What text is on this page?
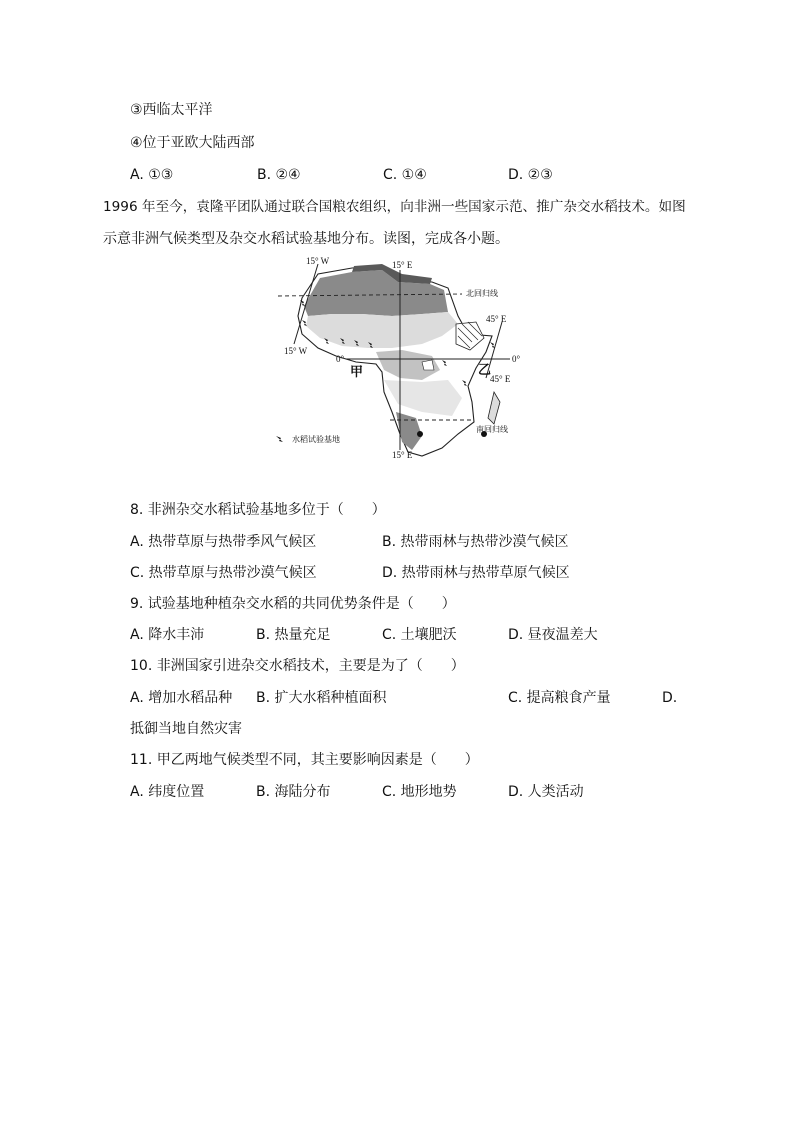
③西临太平洋
④位于亚欧大陆西部
A. ①③	B. ②④	C. ①④	D. ②③
1996 年至今，袁隆平团队通过联合国粮农组织，向非洲一些国家示范、推广杂交水稻技术。如图
示意非洲气候类型及杂交水稻试验基地分布。读图，完成各小题。
15° W
15° W
15° E
15° E
45° E
45° E
0°	0°
北回归线
南回归线
甲	乙
水稻试验基地
8. 非洲杂交水稻试验基地多位于（　　）
A. 热带草原与热带季风气候区	B. 热带雨林与热带沙漠气候区
C. 热带草原与热带沙漠气候区	D. 热带雨林与热带草原气候区
9. 试验基地种植杂交水稻的共同优势条件是（　　）
A. 降水丰沛	B. 热量充足	C. 土壤肥沃	D. 昼夜温差大
10. 非洲国家引进杂交水稻技术，主要是为了（　　）
A. 增加水稻品种 B. 扩大水稻种植面积	C. 提高粮食产量	D.
抵御当地自然灾害
11. 甲乙两地气候类型不同，其主要影响因素是（　　）
A. 纬度位置	B. 海陆分布	C. 地形地势	D. 人类活动
